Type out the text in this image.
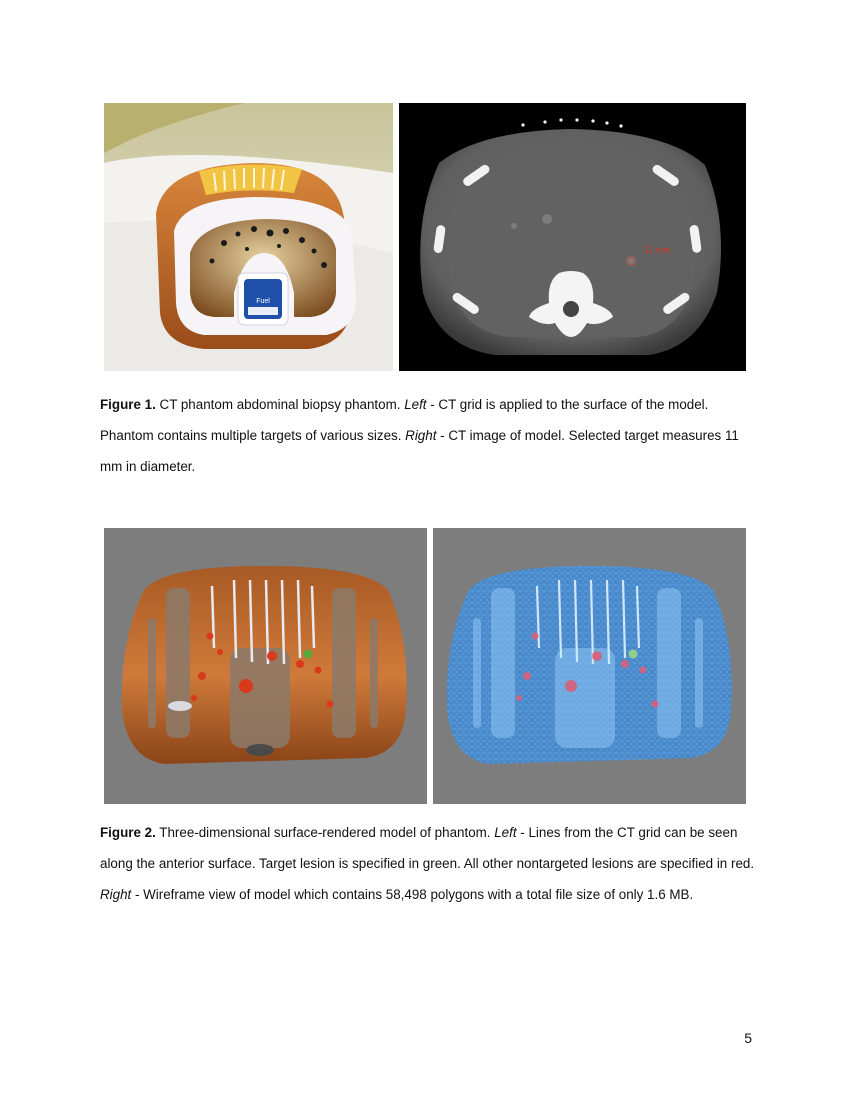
Fuel
11 mm
Figure 1. CT phantom abdominal biopsy phantom. Left - CT grid is applied to the surface of the model. Phantom contains multiple targets of various sizes. Right - CT image of model. Selected target measures 11 mm in diameter.
Figure 2. Three-dimensional surface-rendered model of phantom. Left - Lines from the CT grid can be seen along the anterior surface. Target lesion is specified in green. All other nontargeted lesions are specified in red. Right - Wireframe view of model which contains 58,498 polygons with a total file size of only 1.6 MB.
5
